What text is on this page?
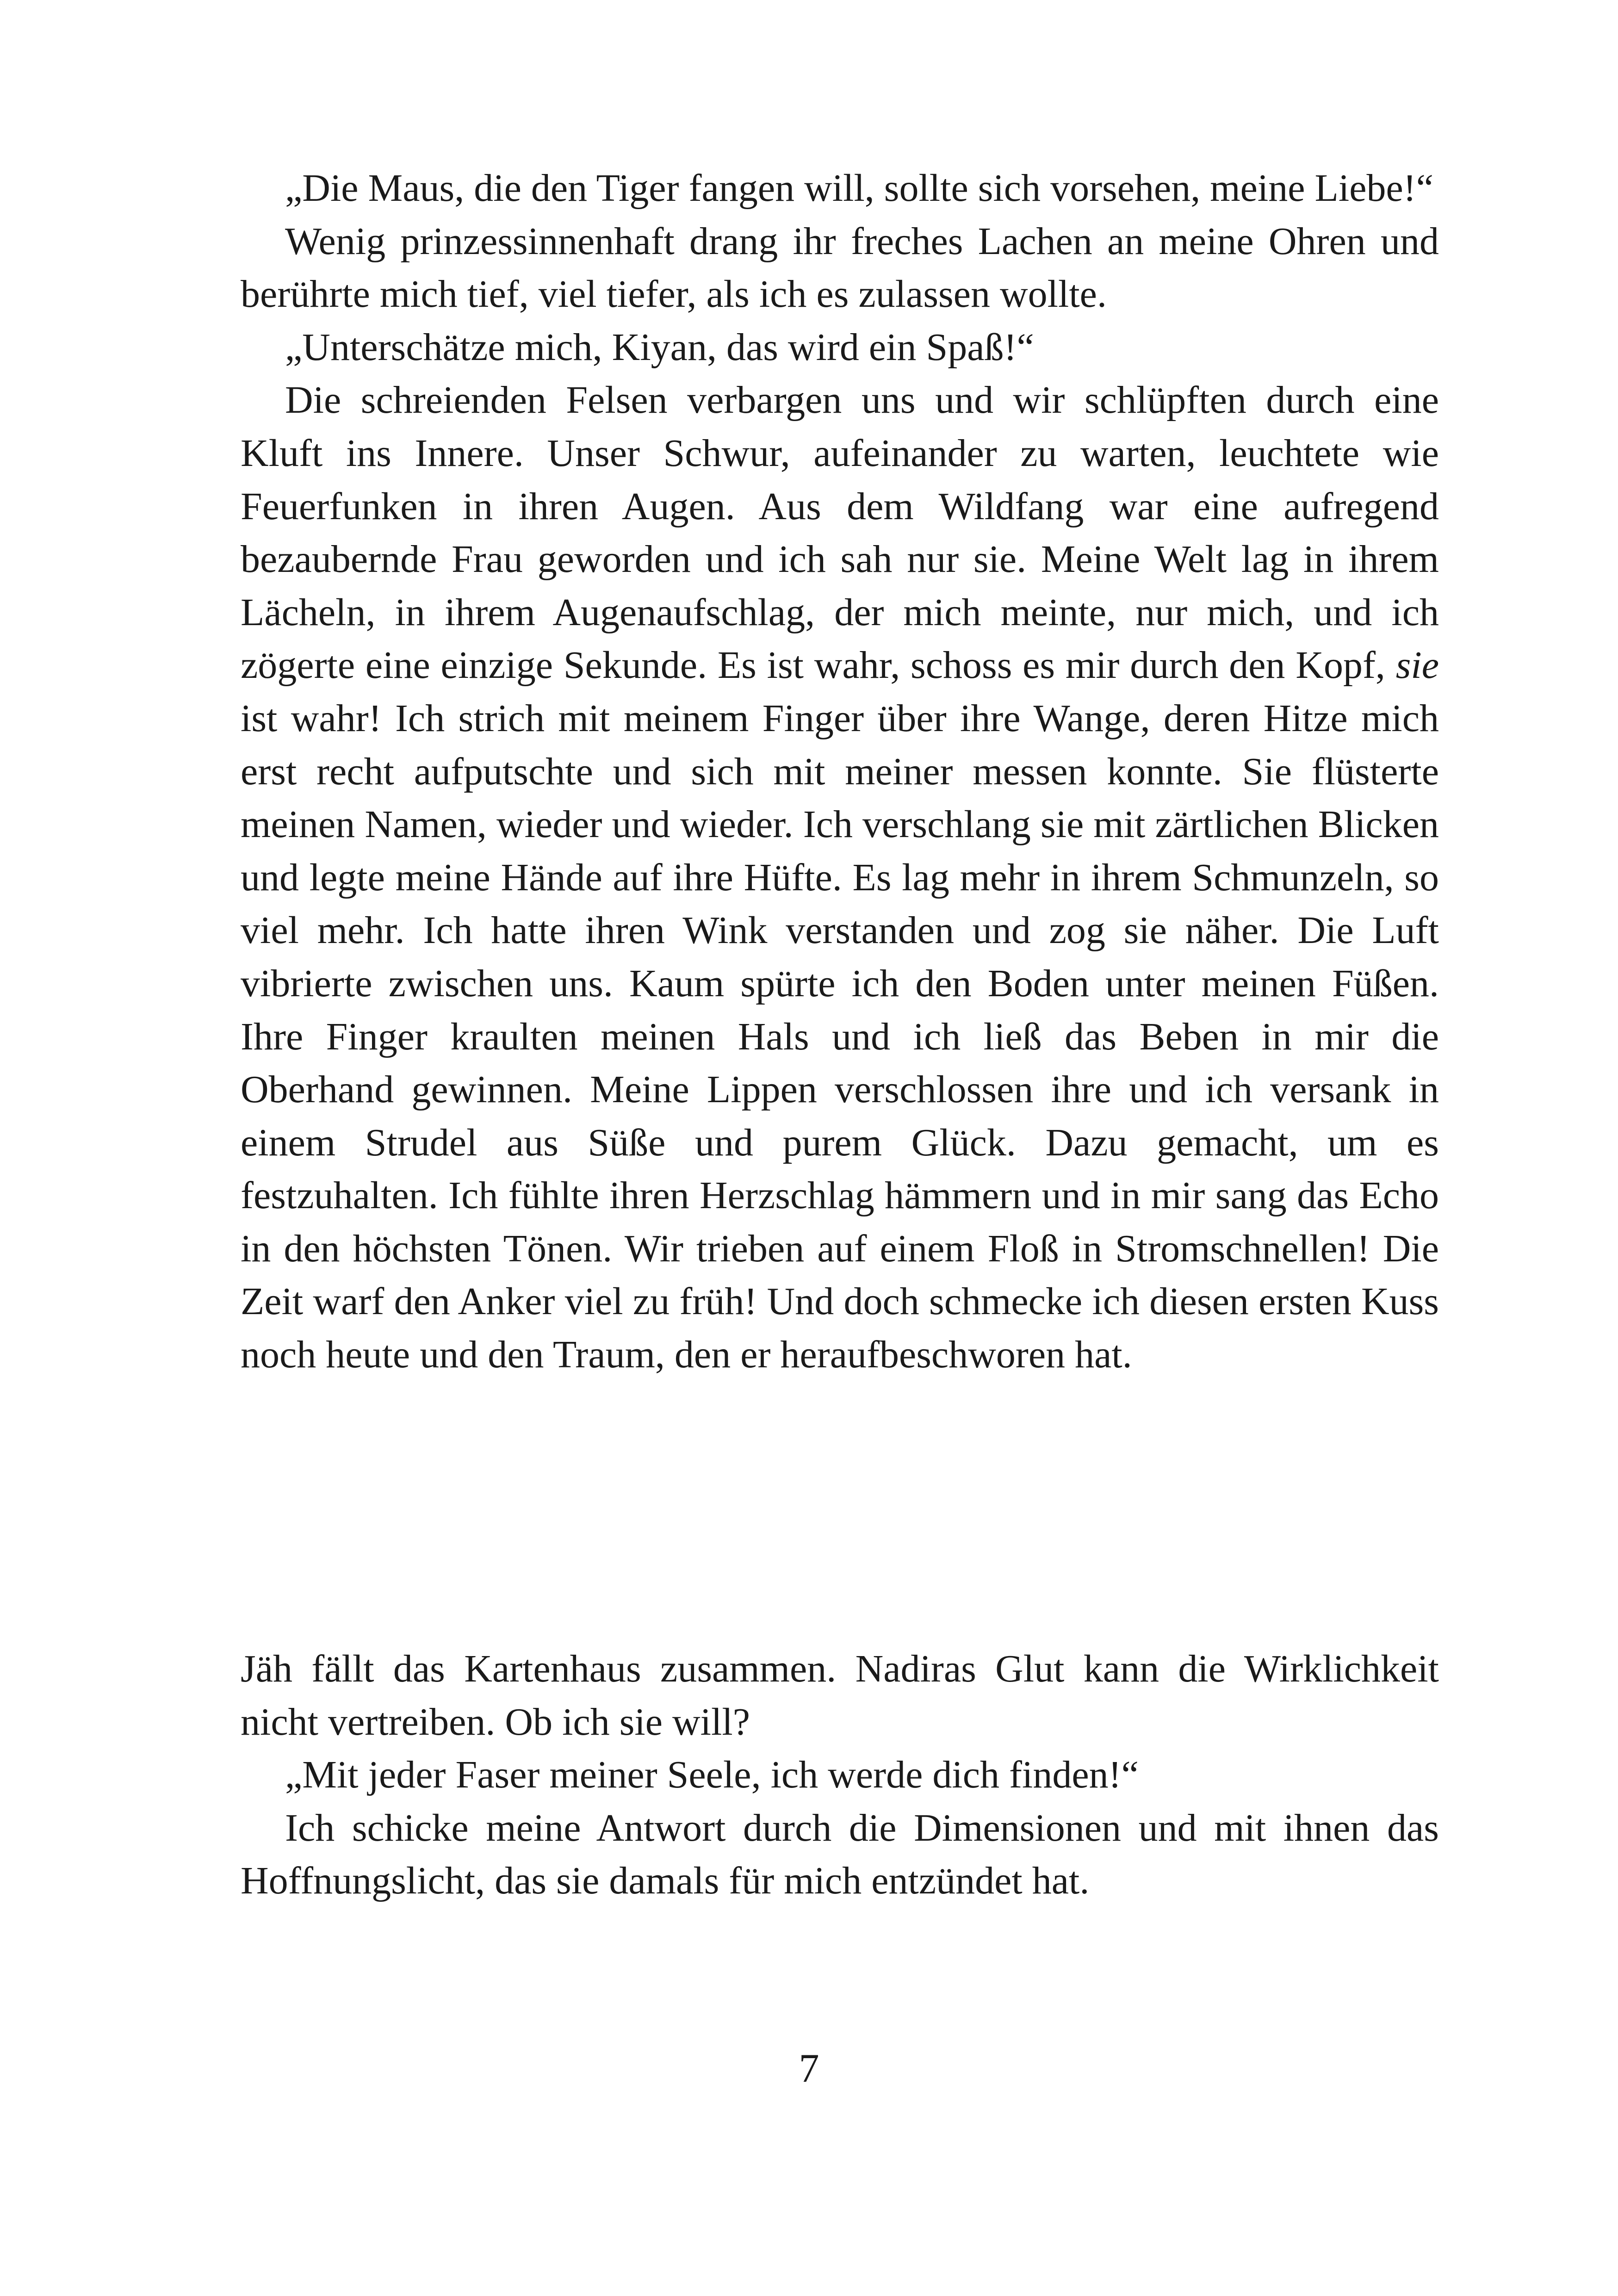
„Die Maus, die den Tiger fangen will, sollte sich vorsehen, meine Liebe!“

Wenig prinzessinnenhaft drang ihr freches Lachen an meine Ohren und berührte mich tief, viel tiefer, als ich es zulassen wollte.

„Unterschätze mich, Kiyan, das wird ein Spaß!“

Die schreienden Felsen verbargen uns und wir schlüpften durch eine Kluft ins Innere. Unser Schwur, aufeinander zu warten, leuchtete wie Feuerfunken in ihren Augen. Aus dem Wildfang war eine aufregend bezaubernde Frau geworden und ich sah nur sie. Meine Welt lag in ihrem Lächeln, in ihrem Augenaufschlag, der mich meinte, nur mich, und ich zögerte eine einzige Sekunde. Es ist wahr, schoss es mir durch den Kopf, sie ist wahr! Ich strich mit meinem Finger über ihre Wange, deren Hitze mich erst recht aufputschte und sich mit meiner messen konnte. Sie flüsterte meinen Namen, wieder und wieder. Ich verschlang sie mit zärtlichen Blicken und legte meine Hände auf ihre Hüfte. Es lag mehr in ihrem Schmunzeln, so viel mehr. Ich hatte ihren Wink verstanden und zog sie näher. Die Luft vibrierte zwischen uns. Kaum spürte ich den Boden unter meinen Füßen. Ihre Finger kraulten meinen Hals und ich ließ das Beben in mir die Oberhand gewinnen. Meine Lippen verschlossen ihre und ich versank in einem Strudel aus Süße und purem Glück. Dazu gemacht, um es festzuhalten. Ich fühlte ihren Herzschlag hämmern und in mir sang das Echo in den höchsten Tönen. Wir trieben auf einem Floß in Stromschnellen! Die Zeit warf den Anker viel zu früh! Und doch schmecke ich diesen ersten Kuss noch heute und den Traum, den er heraufbeschworen hat.

Jäh fällt das Kartenhaus zusammen. Nadiras Glut kann die Wirklichkeit nicht vertreiben. Ob ich sie will?

„Mit jeder Faser meiner Seele, ich werde dich finden!“

Ich schicke meine Antwort durch die Dimensionen und mit ihnen das Hoffnungslicht, das sie damals für mich entzündet hat.

7
